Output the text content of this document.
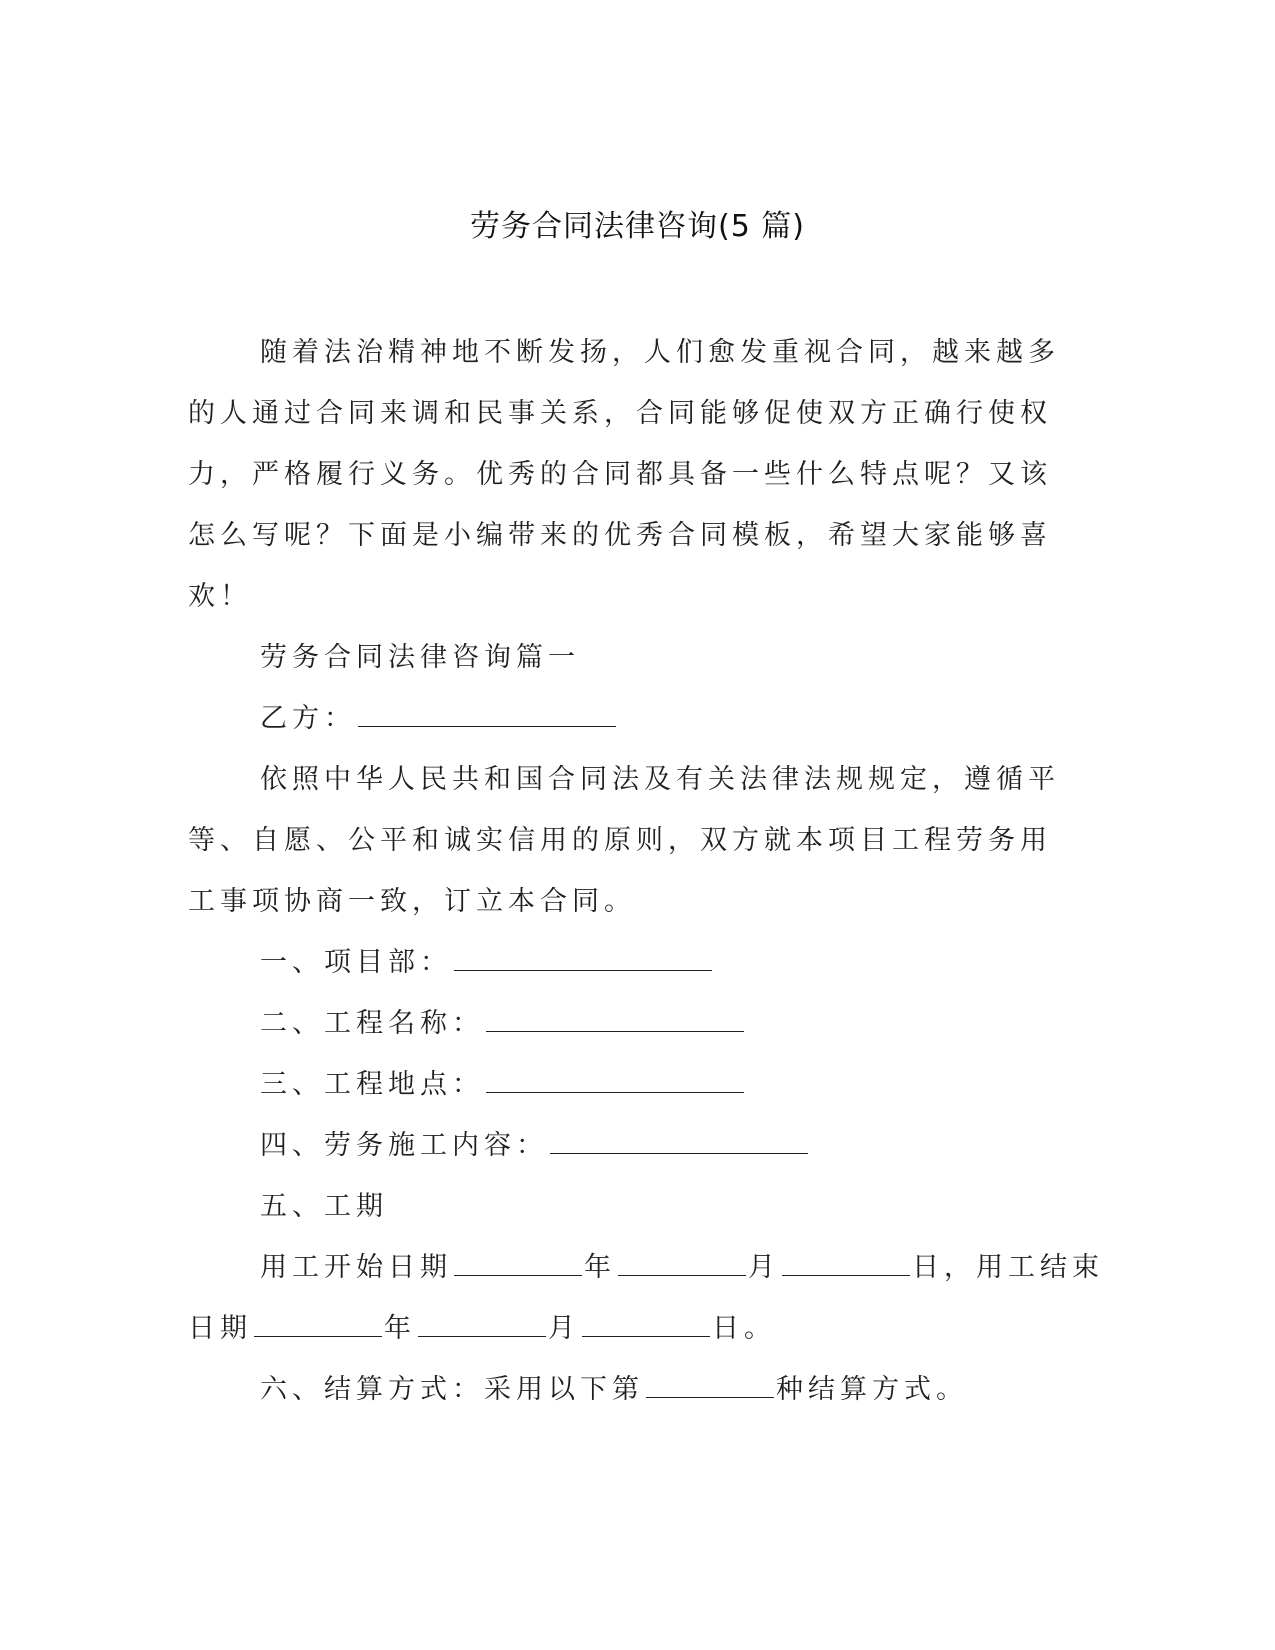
劳务合同法律咨询(5 篇)

随着法治精神地不断发扬，人们愈发重视合同，越来越多的人通过合同来调和民事关系，合同能够促使双方正确行使权力，严格履行义务。优秀的合同都具备一些什么特点呢？又该怎么写呢？下面是小编带来的优秀合同模板，希望大家能够喜欢！

劳务合同法律咨询篇一
乙方：

依照中华人民共和国合同法及有关法律法规规定，遵循平等、自愿、公平和诚实信用的原则，双方就本项目工程劳务用工事项协商一致，订立本合同。

一、项目部：
二、工程名称：
三、工程地点：
四、劳务施工内容：
五、工期
用工开始日期	年	月	日，用工结束
日期	年	月	日。
六、结算方式：采用以下第	种结算方式。
